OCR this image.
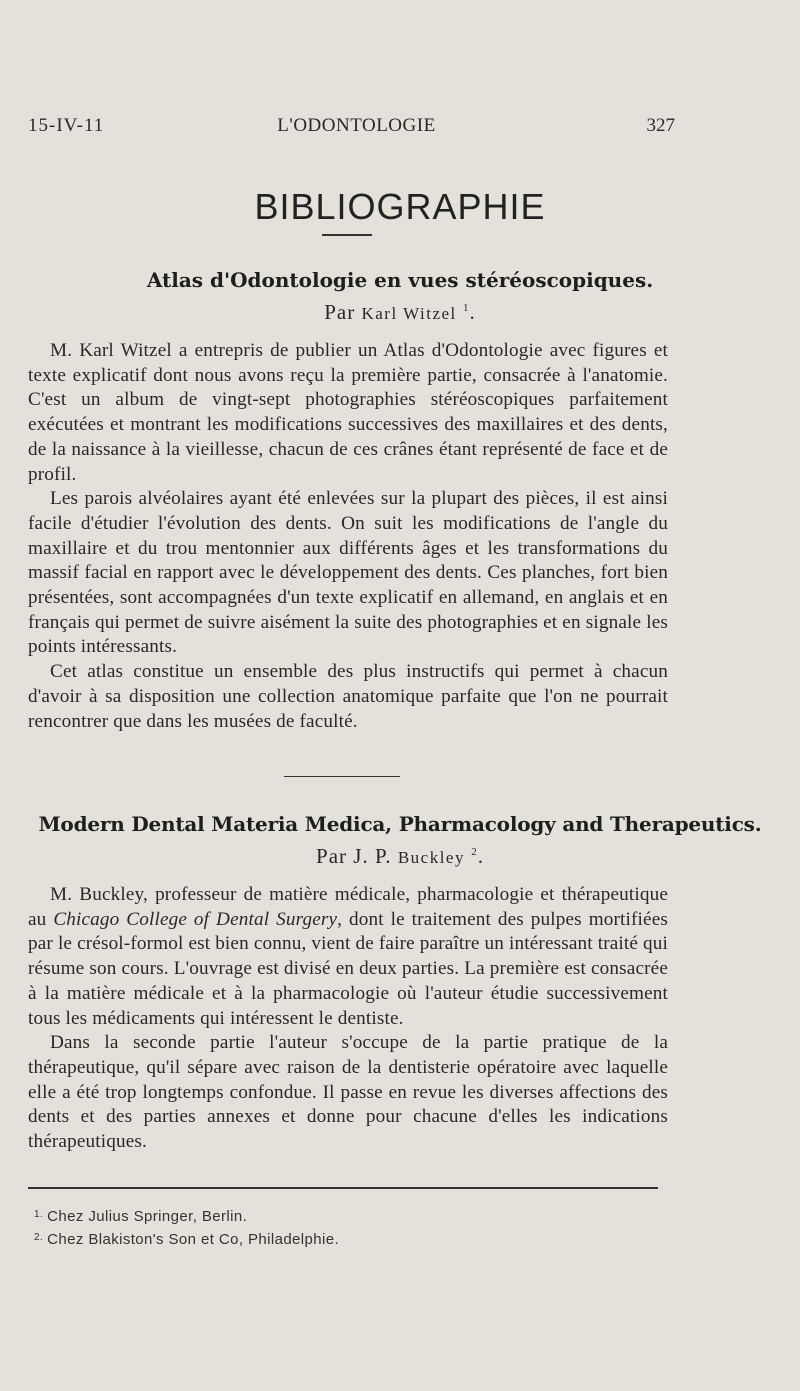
15-IV-11	L'ODONTOLOGIE	327
BIBLIOGRAPHIE
Atlas d'Odontologie en vues stéréoscopiques.
Par Karl Witzel $^1$.

M. Karl Witzel a entrepris de publier un Atlas d'Odontologie avec figures et texte explicatif dont nous avons reçu la première partie, consacrée à l'anatomie. C'est un album de vingt-sept photographies stéréoscopiques parfaitement exécutées et montrant les modifications successives des maxillaires et des dents, de la naissance à la vieillesse, chacun de ces crânes étant représenté de face et de profil.

Les parois alvéolaires ayant été enlevées sur la plupart des pièces, il est ainsi facile d'étudier l'évolution des dents. On suit les modifications de l'angle du maxillaire et du trou mentonnier aux différents âges et les transformations du massif facial en rapport avec le développement des dents. Ces planches, fort bien présentées, sont accompagnées d'un texte explicatif en allemand, en anglais et en français qui permet de suivre aisément la suite des photographies et en signale les points intéressants.

Cet atlas constitue un ensemble des plus instructifs qui permet à chacun d'avoir à sa disposition une collection anatomique parfaite que l'on ne pourrait rencontrer que dans les musées de faculté.

Modern Dental Materia Medica, Pharmacology and Therapeutics.
Par J. P. Buckley $^2$.

M. Buckley, professeur de matière médicale, pharmacologie et thérapeutique au Chicago College of Dental Surgery, dont le traitement des pulpes mortifiées par le crésol-formol est bien connu, vient de faire paraître un intéressant traité qui résume son cours. L'ouvrage est divisé en deux parties. La première est consacrée à la matière médicale et à la pharmacologie où l'auteur étudie successivement tous les médicaments qui intéressent le dentiste.

Dans la seconde partie l'auteur s'occupe de la partie pratique de la thérapeutique, qu'il sépare avec raison de la dentisterie opératoire avec laquelle elle a été trop longtemps confondue. Il passe en revue les diverses affections des dents et des parties annexes et donne pour chacune d'elles les indications thérapeutiques.

$^{1.}$ Chez Julius Springer, Berlin.
$^{2.}$ Chez Blakiston's Son et Co, Philadelphie.
